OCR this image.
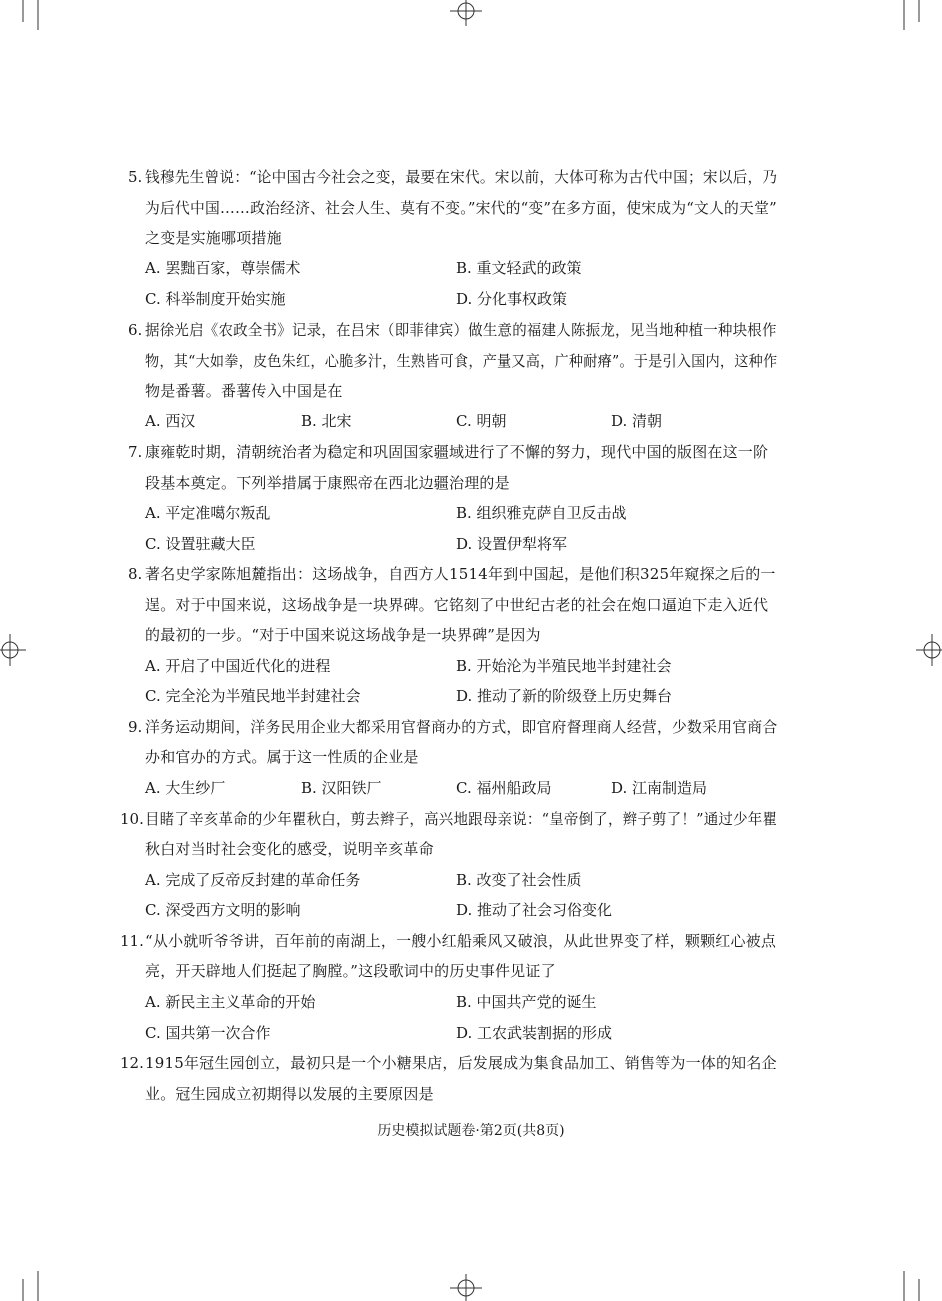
5. 钱穆先生曾说：“论中国古今社会之变，最要在宋代。宋以前，大体可称为古代中国；宋以后，乃
为后代中国……政治经济、社会人生、莫有不变。”宋代的“变”在多方面，使宋成为“文人的天堂”
之变是实施哪项措施
A. 罢黜百家，尊崇儒术	B. 重文轻武的政策
C. 科举制度开始实施	D. 分化事权政策
6. 据徐光启《农政全书》记录，在吕宋（即菲律宾）做生意的福建人陈振龙，见当地种植一种块根作
物，其“大如拳，皮色朱红，心脆多汁，生熟皆可食，产量又高，广种耐瘠”。于是引入国内，这种作
物是番薯。番薯传入中国是在
A. 西汉	B. 北宋	C. 明朝	D. 清朝
7. 康雍乾时期，清朝统治者为稳定和巩固国家疆域进行了不懈的努力，现代中国的版图在这一阶
段基本奠定。下列举措属于康熙帝在西北边疆治理的是
A. 平定准噶尔叛乱	B. 组织雅克萨自卫反击战
C. 设置驻藏大臣	D. 设置伊犁将军
8. 著名史学家陈旭麓指出：这场战争，自西方人1514年到中国起，是他们积325年窥探之后的一
逞。对于中国来说，这场战争是一块界碑。它铭刻了中世纪古老的社会在炮口逼迫下走入近代
的最初的一步。“对于中国来说这场战争是一块界碑”是因为
A. 开启了中国近代化的进程	B. 开始沦为半殖民地半封建社会
C. 完全沦为半殖民地半封建社会	D. 推动了新的阶级登上历史舞台
9. 洋务运动期间，洋务民用企业大都采用官督商办的方式，即官府督理商人经营，少数采用官商合
办和官办的方式。属于这一性质的企业是
A. 大生纱厂	B. 汉阳铁厂	C. 福州船政局	D. 江南制造局
10. 目睹了辛亥革命的少年瞿秋白，剪去辫子，高兴地跟母亲说：“皇帝倒了，辫子剪了！”通过少年瞿
秋白对当时社会变化的感受，说明辛亥革命
A. 完成了反帝反封建的革命任务	B. 改变了社会性质
C. 深受西方文明的影响	D. 推动了社会习俗变化
11. “从小就听爷爷讲，百年前的南湖上，一艘小红船乘风又破浪，从此世界变了样，颗颗红心被点
亮，开天辟地人们挺起了胸膛。”这段歌词中的历史事件见证了
A. 新民主主义革命的开始	B. 中国共产党的诞生
C. 国共第一次合作	D. 工农武装割据的形成
12. 1915年冠生园创立，最初只是一个小糖果店，后发展成为集食品加工、销售等为一体的知名企
业。冠生园成立初期得以发展的主要原因是
历史模拟试题卷·第2页(共8页)
